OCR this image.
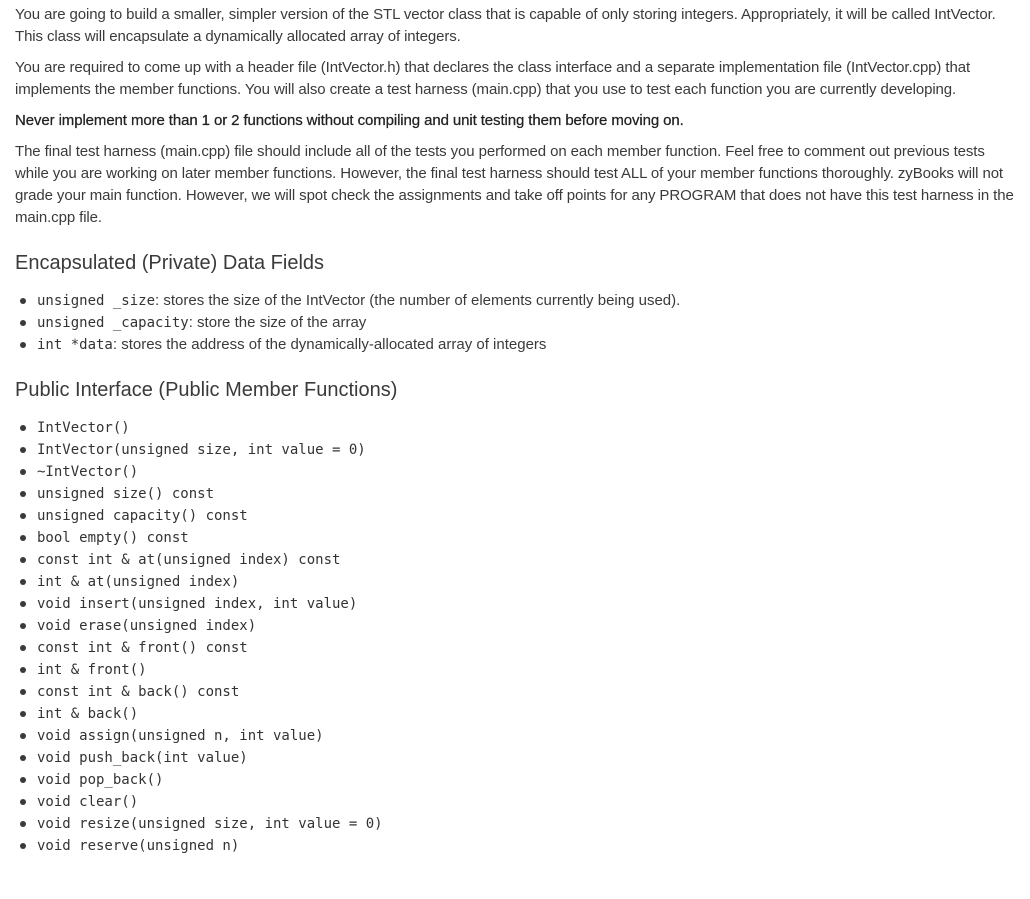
You are going to build a smaller, simpler version of the STL vector class that is capable of only storing integers. Appropriately, it will be called IntVector. This class will encapsulate a dynamically allocated array of integers.

You are required to come up with a header file (IntVector.h) that declares the class interface and a separate implementation file (IntVector.cpp) that implements the member functions. You will also create a test harness (main.cpp) that you use to test each function you are currently developing.

Never implement more than 1 or 2 functions without compiling and unit testing them before moving on.

The final test harness (main.cpp) file should include all of the tests you performed on each member function. Feel free to comment out previous tests while you are working on later member functions. However, the final test harness should test ALL of your member functions thoroughly. zyBooks will not grade your main function. However, we will spot check the assignments and take off points for any PROGRAM that does not have this test harness in the main.cpp file.

Encapsulated (Private) Data Fields
unsigned _size: stores the size of the IntVector (the number of elements currently being used).
unsigned _capacity: store the size of the array
int *data: stores the address of the dynamically-allocated array of integers
Public Interface (Public Member Functions)
IntVector()
IntVector(unsigned size, int value = 0)
~IntVector()
unsigned size() const
unsigned capacity() const
bool empty() const
const int & at(unsigned index) const
int & at(unsigned index)
void insert(unsigned index, int value)
void erase(unsigned index)
const int & front() const
int & front()
const int & back() const
int & back()
void assign(unsigned n, int value)
void push_back(int value)
void pop_back()
void clear()
void resize(unsigned size, int value = 0)
void reserve(unsigned n)
